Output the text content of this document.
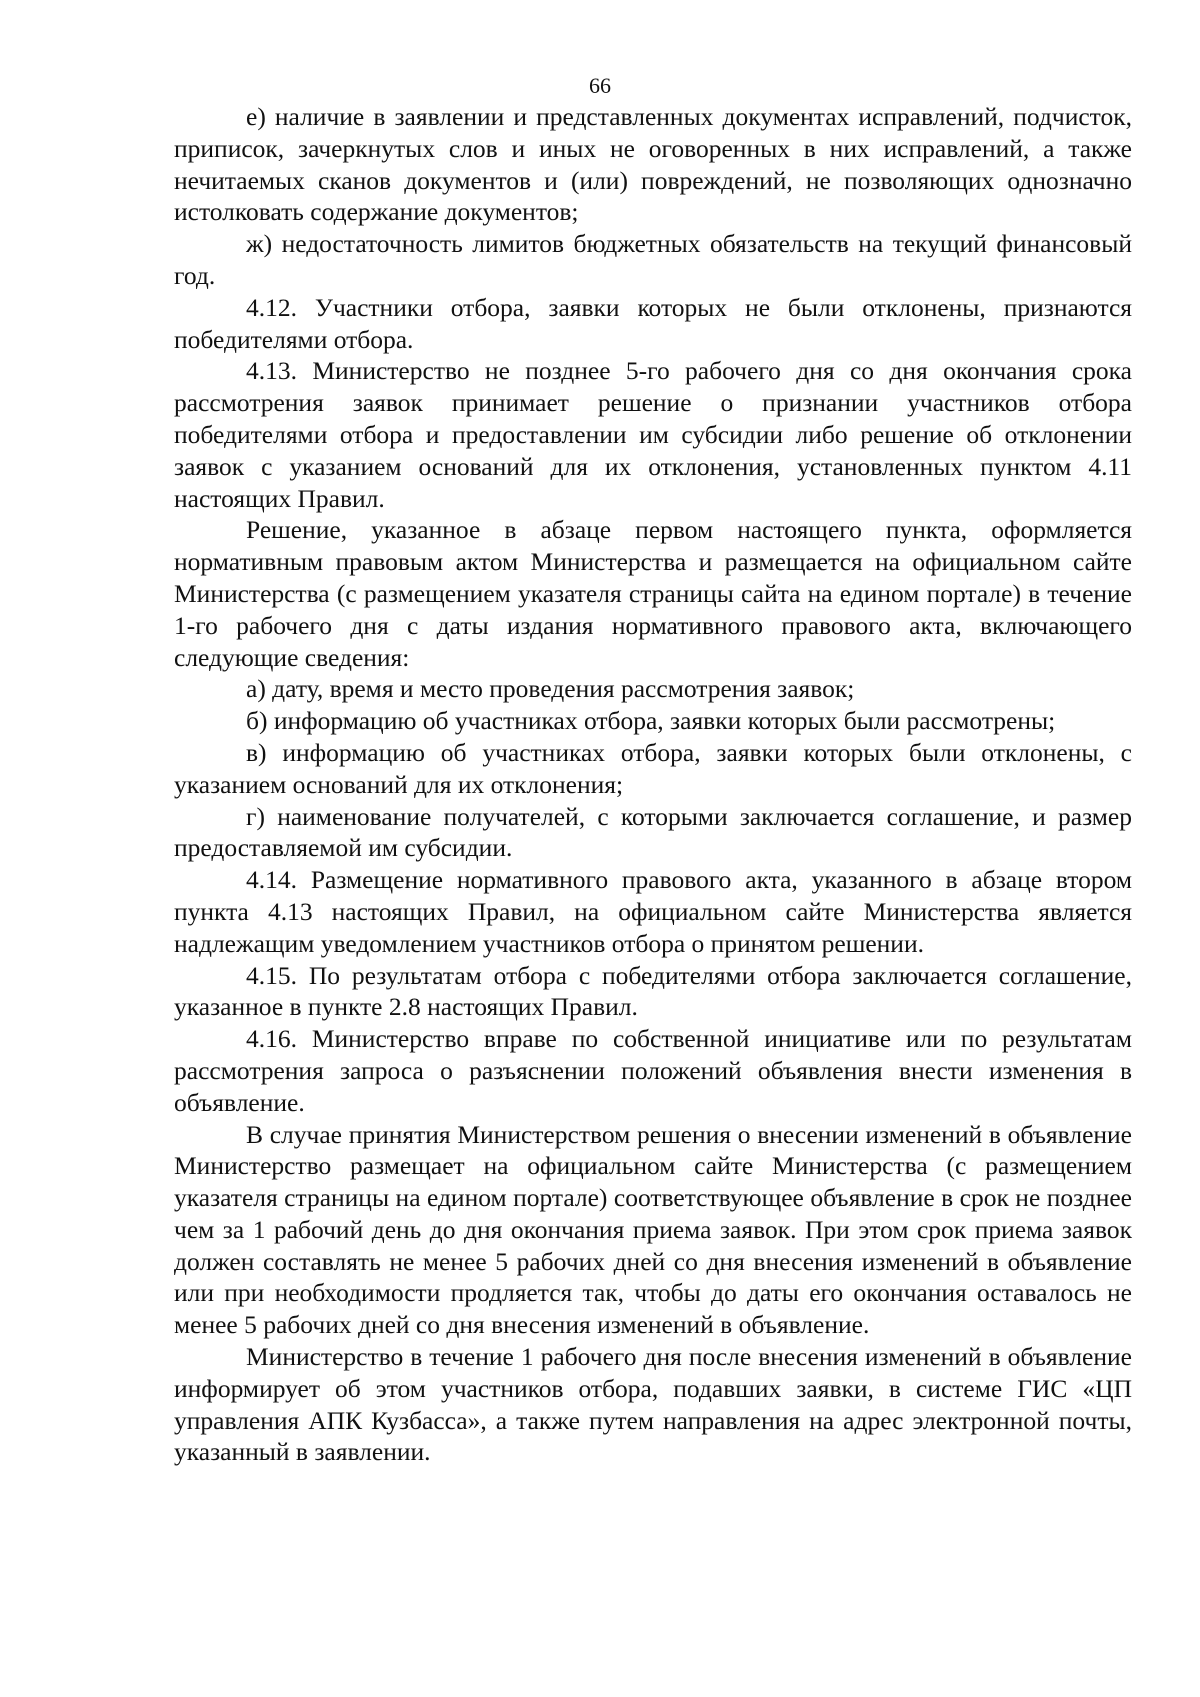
66

е) наличие в заявлении и представленных документах исправлений, подчисток, приписок, зачеркнутых слов и иных не оговоренных в них исправлений, а также нечитаемых сканов документов и (или) повреждений, не позволяющих однозначно истолковать содержание документов;

ж) недостаточность лимитов бюджетных обязательств на текущий финансовый год.

4.12. Участники отбора, заявки которых не были отклонены, признаются победителями отбора.

4.13. Министерство не позднее 5-го рабочего дня со дня окончания срока рассмотрения заявок принимает решение о признании участников отбора победителями отбора и предоставлении им субсидии либо решение об отклонении заявок с указанием оснований для их отклонения, установленных пунктом 4.11 настоящих Правил.

Решение, указанное в абзаце первом настоящего пункта, оформляется нормативным правовым актом Министерства и размещается на официальном сайте Министерства (с размещением указателя страницы сайта на едином портале) в течение 1-го рабочего дня с даты издания нормативного правового акта, включающего следующие сведения:

а) дату, время и место проведения рассмотрения заявок;

б) информацию об участниках отбора, заявки которых были рассмотрены;

в) информацию об участниках отбора, заявки которых были отклонены, с указанием оснований для их отклонения;

г) наименование получателей, с которыми заключается соглашение, и размер предоставляемой им субсидии.

4.14. Размещение нормативного правового акта, указанного в абзаце втором пункта 4.13 настоящих Правил, на официальном сайте Министерства является надлежащим уведомлением участников отбора о принятом решении.

4.15. По результатам отбора с победителями отбора заключается соглашение, указанное в пункте 2.8 настоящих Правил.

4.16. Министерство вправе по собственной инициативе или по результатам рассмотрения запроса о разъяснении положений объявления внести изменения в объявление.

В случае принятия Министерством решения о внесении изменений в объявление Министерство размещает на официальном сайте Министерства (с размещением указателя страницы на едином портале) соответствующее объявление в срок не позднее чем за 1 рабочий день до дня окончания приема заявок. При этом срок приема заявок должен составлять не менее 5 рабочих дней со дня внесения изменений в объявление или при необходимости продляется так, чтобы до даты его окончания оставалось не менее 5 рабочих дней со дня внесения изменений в объявление.

Министерство в течение 1 рабочего дня после внесения изменений в объявление информирует об этом участников отбора, подавших заявки, в системе ГИС «ЦП управления АПК Кузбасса», а также путем направления на адрес электронной почты, указанный в заявлении.
